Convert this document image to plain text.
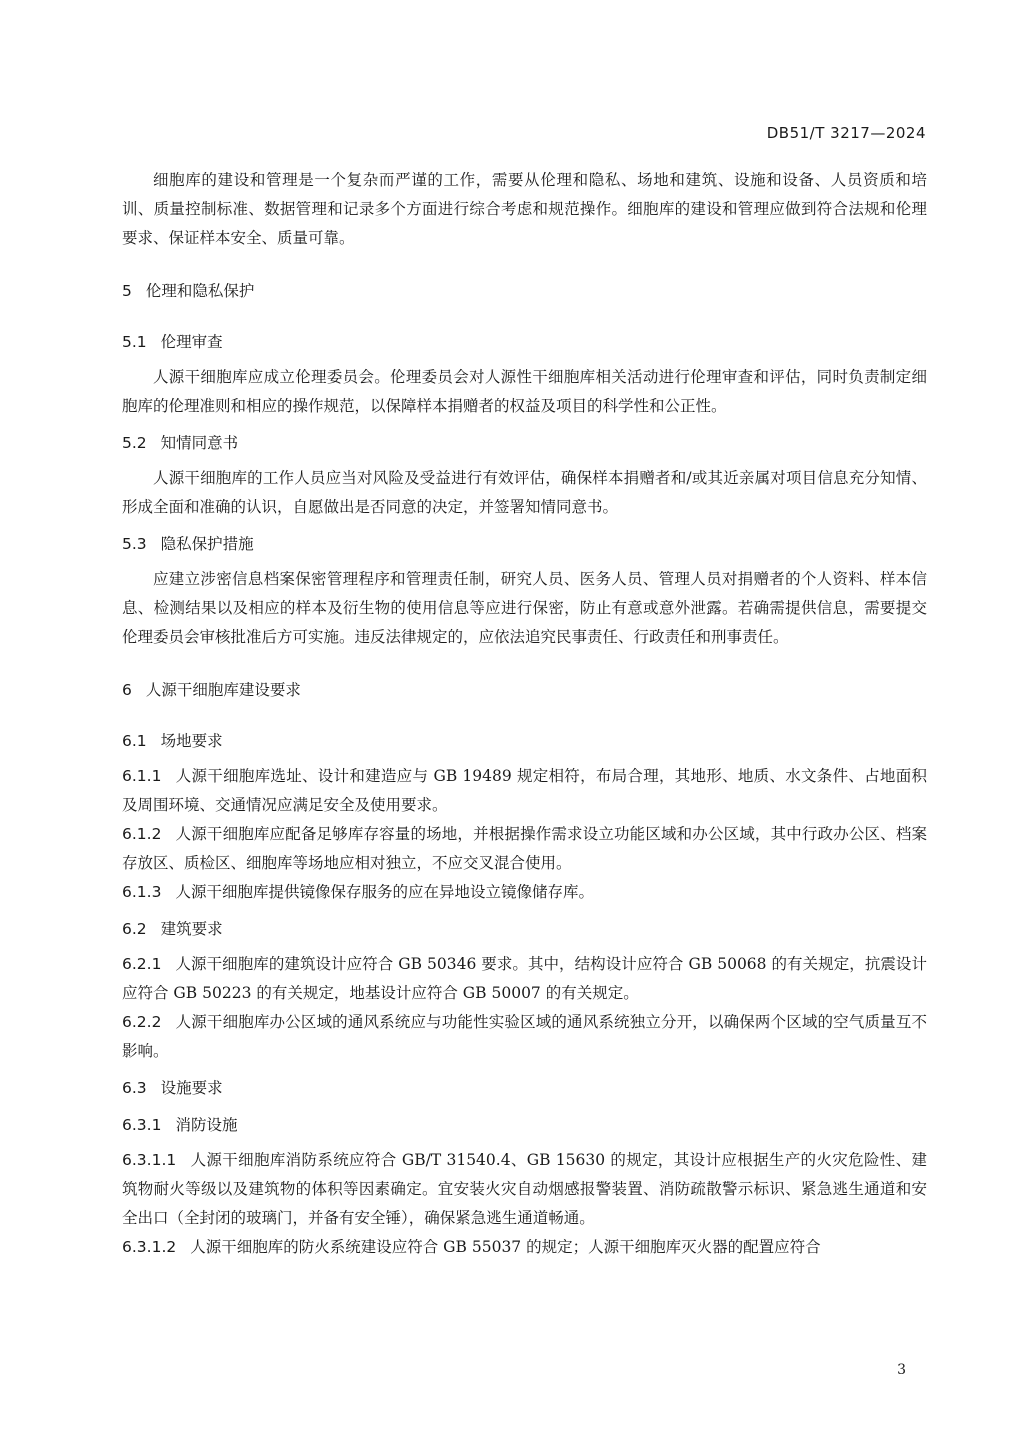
DB51/T 3217—2024

细胞库的建设和管理是一个复杂而严谨的工作，需要从伦理和隐私、场地和建筑、设施和设备、人员资质和培训、质量控制标准、数据管理和记录多个方面进行综合考虑和规范操作。细胞库的建设和管理应做到符合法规和伦理要求、保证样本安全、质量可靠。

5 伦理和隐私保护
5.1 伦理审查

人源干细胞库应成立伦理委员会。伦理委员会对人源性干细胞库相关活动进行伦理审查和评估，同时负责制定细胞库的伦理准则和相应的操作规范，以保障样本捐赠者的权益及项目的科学性和公正性。

5.2 知情同意书

人源干细胞库的工作人员应当对风险及受益进行有效评估，确保样本捐赠者和/或其近亲属对项目信息充分知情、形成全面和准确的认识，自愿做出是否同意的决定，并签署知情同意书。

5.3 隐私保护措施

应建立涉密信息档案保密管理程序和管理责任制，研究人员、医务人员、管理人员对捐赠者的个人资料、样本信息、检测结果以及相应的样本及衍生物的使用信息等应进行保密，防止有意或意外泄露。若确需提供信息，需要提交伦理委员会审核批准后方可实施。违反法律规定的，应依法追究民事责任、行政责任和刑事责任。

6 人源干细胞库建设要求
6.1 场地要求

6.1.1 人源干细胞库选址、设计和建造应与 GB 19489 规定相符，布局合理，其地形、地质、水文条件、占地面积及周围环境、交通情况应满足安全及使用要求。

6.1.2 人源干细胞库应配备足够库存容量的场地，并根据操作需求设立功能区域和办公区域，其中行政办公区、档案存放区、质检区、细胞库等场地应相对独立，不应交叉混合使用。

6.1.3 人源干细胞库提供镜像保存服务的应在异地设立镜像储存库。

6.2 建筑要求

6.2.1 人源干细胞库的建筑设计应符合 GB 50346 要求。其中，结构设计应符合 GB 50068 的有关规定，抗震设计应符合 GB 50223 的有关规定，地基设计应符合 GB 50007 的有关规定。

6.2.2 人源干细胞库办公区域的通风系统应与功能性实验区域的通风系统独立分开，以确保两个区域的空气质量互不影响。

6.3 设施要求
6.3.1 消防设施

6.3.1.1 人源干细胞库消防系统应符合 GB/T 31540.4、GB 15630 的规定，其设计应根据生产的火灾危险性、建筑物耐火等级以及建筑物的体积等因素确定。宜安装火灾自动烟感报警装置、消防疏散警示标识、紧急逃生通道和安全出口（全封闭的玻璃门，并备有安全锤），确保紧急逃生通道畅通。

6.3.1.2 人源干细胞库的防火系统建设应符合 GB 55037 的规定；人源干细胞库灭火器的配置应符合

3
